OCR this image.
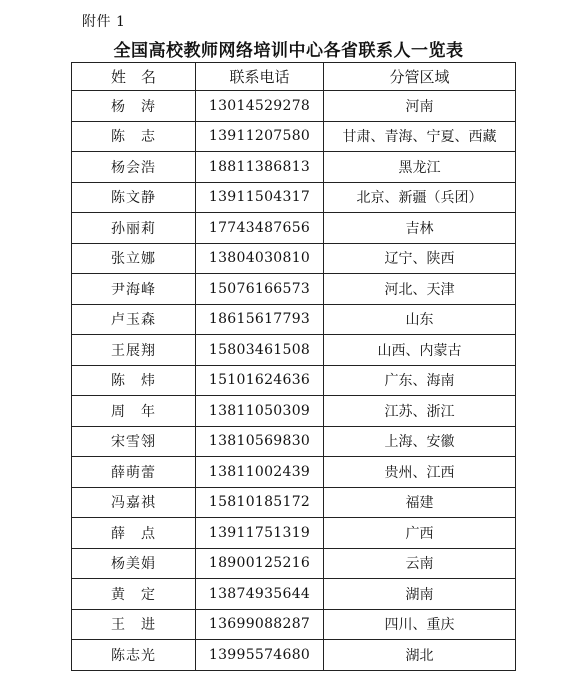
附件 1
全国高校教师网络培训中心各省联系人一览表
姓　名	联系电话	分管区域
杨　涛	13014529278	河南
陈　志	13911207580	甘肃、青海、宁夏、西藏
杨会浩	18811386813	黑龙江
陈文静	13911504317	北京、新疆（兵团）
孙丽莉	17743487656	吉林
张立娜	13804030810	辽宁、陕西
尹海峰	15076166573	河北、天津
卢玉森	18615617793	山东
王展翔	15803461508	山西、内蒙古
陈　炜	15101624636	广东、海南
周　年	13811050309	江苏、浙江
宋雪翎	13810569830	上海、安徽
薛萌蕾	13811002439	贵州、江西
冯嘉祺	15810185172	福建
薛　点	13911751319	广西
杨美娟	18900125216	云南
黄　定	13874935644	湖南
王　进	13699088287	四川、重庆
陈志光	13995574680	湖北
